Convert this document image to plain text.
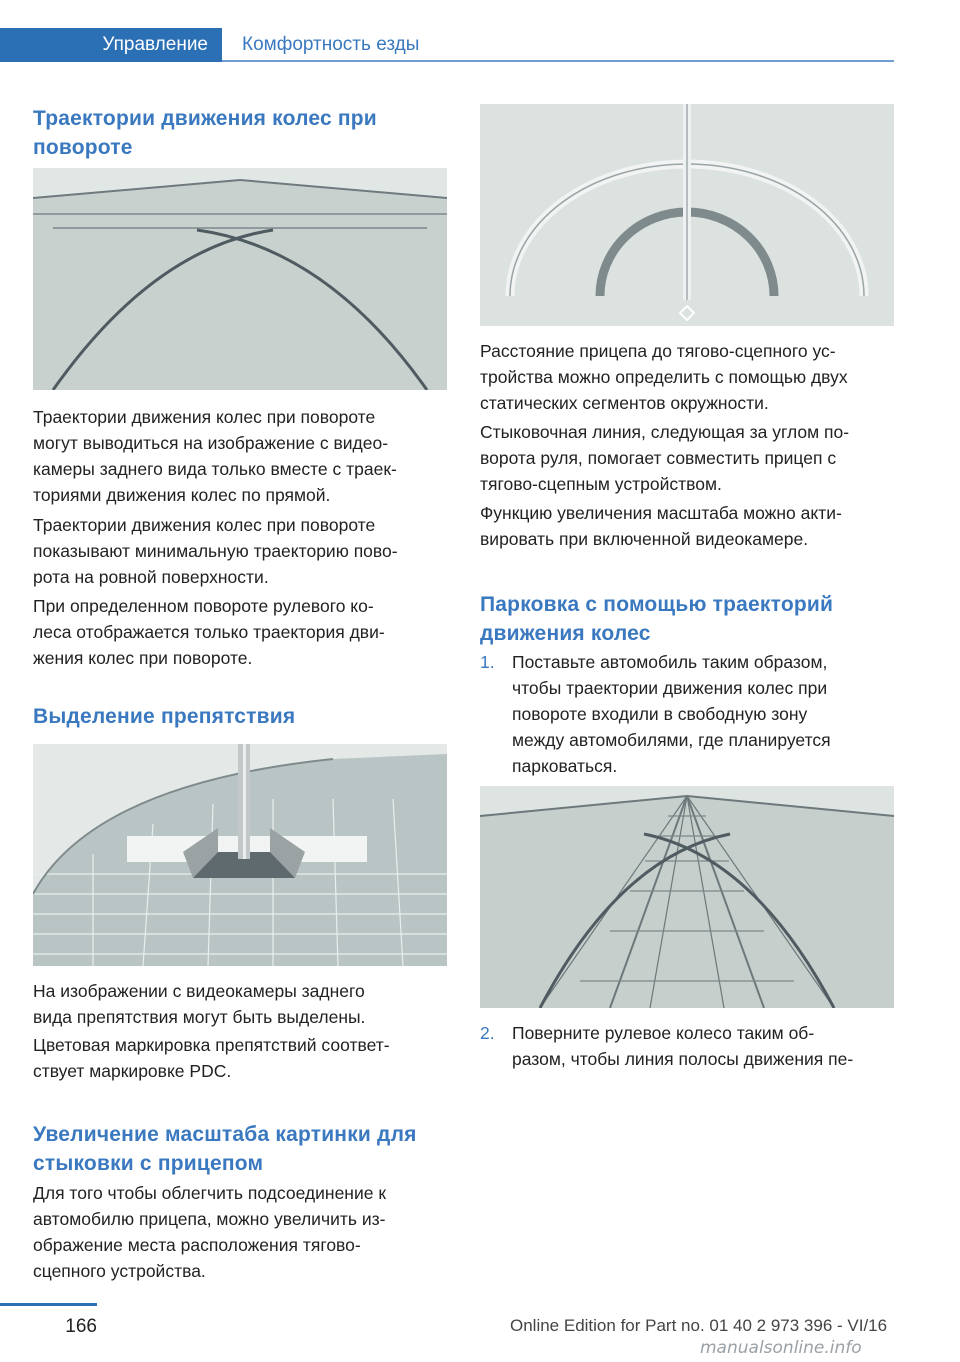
Управление	Комфортность езды
Траектории движения колес при
повороте

Траектории движения колес при повороте
могут выводиться на изображение с видео‐
камеры заднего вида только вместе с траек‐
ториями движения колес по прямой.

Траектории движения колес при повороте
показывают минимальную траекторию пово‐
рота на ровной поверхности.

При определенном повороте рулевого ко‐
леса отображается только траектория дви‐
жения колес при повороте.

Выделение препятствия

На изображении с видеокамеры заднего
вида препятствия могут быть выделены.

Цветовая маркировка препятствий соответ‐
ствует маркировке PDC.

Увеличение масштаба картинки для
стыковки с прицепом

Для того чтобы облегчить подсоединение к
автомобилю прицепа, можно увеличить из‐
ображение места расположения тягово‐
сцепного устройства.

Расстояние прицепа до тягово-сцепного ус‐
тройства можно определить с помощью двух
статических сегментов окружности.

Стыковочная линия, следующая за углом по‐
ворота руля, помогает совместить прицеп с
тягово-сцепным устройством.

Функцию увеличения масштаба можно акти‐
вировать при включенной видеокамере.

Парковка с помощью траекторий
движения колес
1. Поставьте автомобиль таким образом,
чтобы траектории движения колес при
повороте входили в свободную зону
между автомобилями, где планируется
парковаться.

2. Поверните рулевое колесо таким об‐
разом, чтобы линия полосы движения пе‐

166	Online Edition for Part no. 01 40 2 973 396 - VI/16
manualsonline.info
